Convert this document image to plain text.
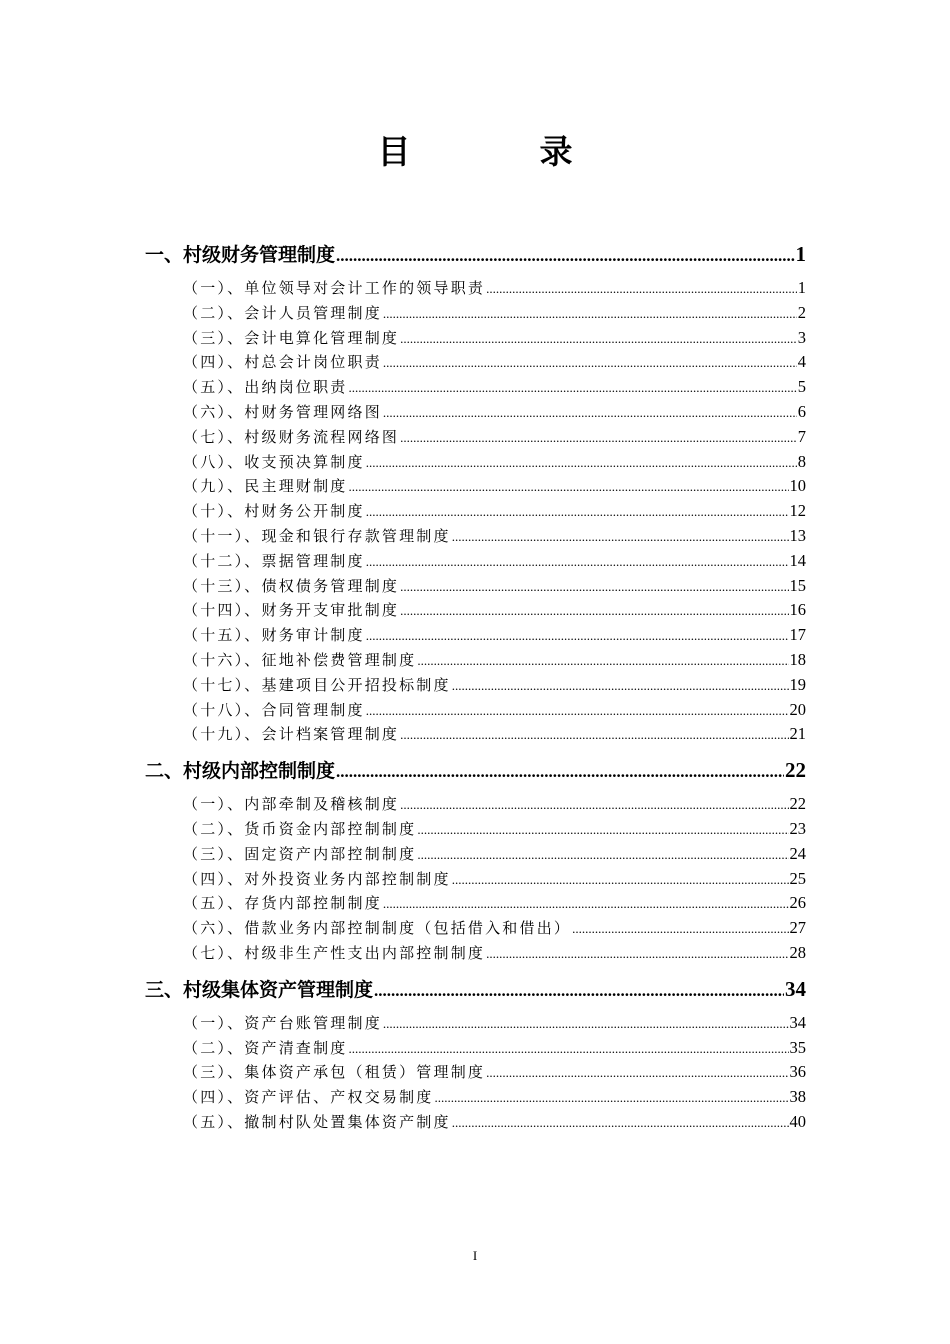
目　录
一、村级财务管理制度 .....	1
（一）、单位领导对会计工作的领导职责 .....	1
（二）、会计人员管理制度 .....	2
（三）、会计电算化管理制度 .....	3
（四）、村总会计岗位职责 .....	4
（五）、出纳岗位职责 .....	5
（六）、村财务管理网络图 .....	6
（七）、村级财务流程网络图 .....	7
（八）、收支预决算制度 .....	8
（九）、民主理财制度 .....	10
（十）、村财务公开制度 .....	12
（十一）、现金和银行存款管理制度 .....	13
（十二）、票据管理制度 .....	14
（十三）、债权债务管理制度 .....	15
（十四）、财务开支审批制度 .....	16
（十五）、财务审计制度 .....	17
（十六）、征地补偿费管理制度 .....	18
（十七）、基建项目公开招投标制度 .....	19
（十八）、合同管理制度 .....	20
（十九）、会计档案管理制度 .....	21
二、村级内部控制制度 .....	22
（一）、内部牵制及稽核制度 .....	22
（二）、货币资金内部控制制度 .....	23
（三）、固定资产内部控制制度 .....	24
（四）、对外投资业务内部控制制度 .....	25
（五）、存货内部控制制度 .....	26
（六）、借款业务内部控制制度（包括借入和借出） .....	27
（七）、村级非生产性支出内部控制制度 .....	28
三、村级集体资产管理制度 .....	34
（一）、资产台账管理制度 .....	34
（二）、资产清查制度 .....	35
（三）、集体资产承包（租赁）管理制度 .....	36
（四）、资产评估、产权交易制度 .....	38
（五）、撤制村队处置集体资产制度 .....	40
I
